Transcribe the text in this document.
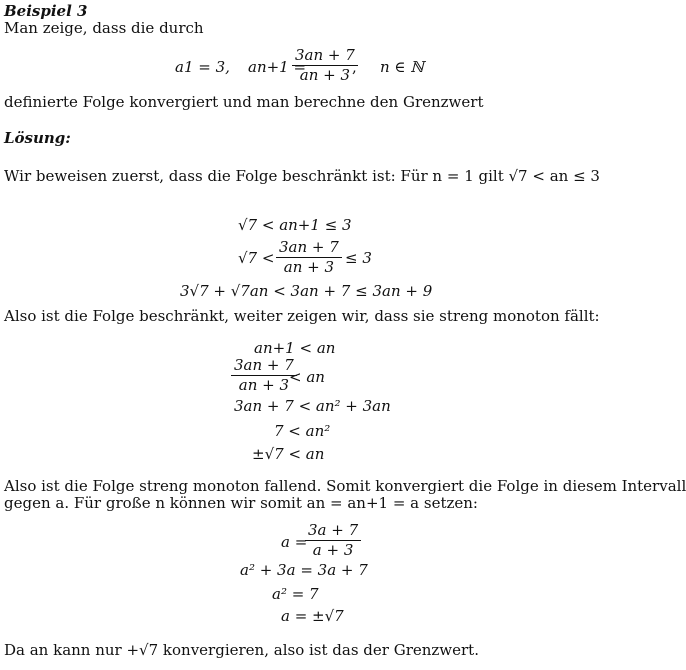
Beispiel 3
Man zeige, dass die durch
a1 = 3, an+1 =
$\frac{3an + 7}{an + 3}$
, n ∈ ℕ
definierte Folge konvergiert und man berechne den Grenzwert
Lösung:
Wir beweisen zuerst, dass die Folge beschränkt ist: Für n = 1 gilt √7 < an ≤ 3
√7 < an+1 ≤ 3
$√7 < \frac{3an + 7}{an + 3} \le 3$
3√7 + √7an < 3an + 7 ≤ 3an + 9
Also ist die Folge beschränkt, weiter zeigen wir, dass sie streng monoton fällt:
an+1 < an
$\frac{3an + 7}{an + 3}$
< an
3an + 7 < an² + 3an
7 < an²
±√7 < an
Also ist die Folge streng monoton fallend. Somit konvergiert die Folge in diesem Intervall
gegen a. Für große n können wir somit an = an+1 = a setzen:
a =
$\frac{3a + 7}{a + 3}$
a² + 3a = 3a + 7
a² = 7
a = ±√7
Da an kann nur +√7 konvergieren, also ist das der Grenzwert.
